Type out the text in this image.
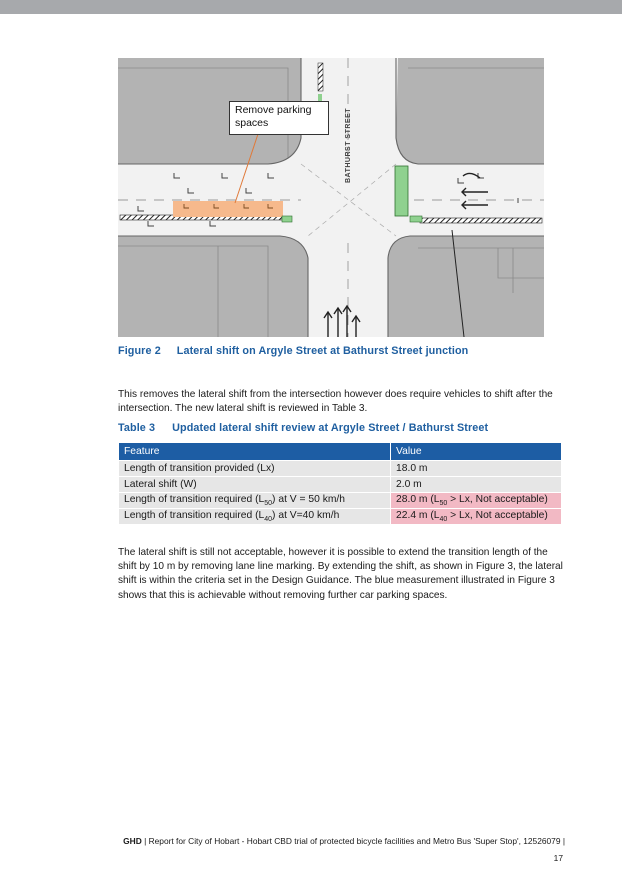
BATHURST STREET
Remove parking spaces
Figure 2 Lateral shift on Argyle Street at Bathurst Street junction

This removes the lateral shift from the intersection however does require vehicles to shift after the intersection. The new lateral shift is reviewed in Table 3.

Table 3 Updated lateral shift review at Argyle Street / Bathurst Street
Feature	Value
Length of transition provided (Lx)	18.0 m
Lateral shift (W)	2.0 m
Length of transition required $(L_{50})$ at V = 50 km/h	28.0 m ($L_{50} > Lx$, Not acceptable)
Length of transition required $(L_{40})$ at V=40 km/h	22.4 m ($L_{40} > Lx$, Not acceptable)

The lateral shift is still not acceptable, however it is possible to extend the transition length of the shift by 10 m by removing lane line marking. By extending the shift, as shown in Figure 3, the lateral shift is within the criteria set in the Design Guidance. The blue measurement illustrated in Figure 3 shows that this is achievable without removing further car parking spaces.

GHD | Report for City of Hobart - Hobart CBD trial of protected bicycle facilities and Metro Bus 'Super Stop', 12526079 |
17
